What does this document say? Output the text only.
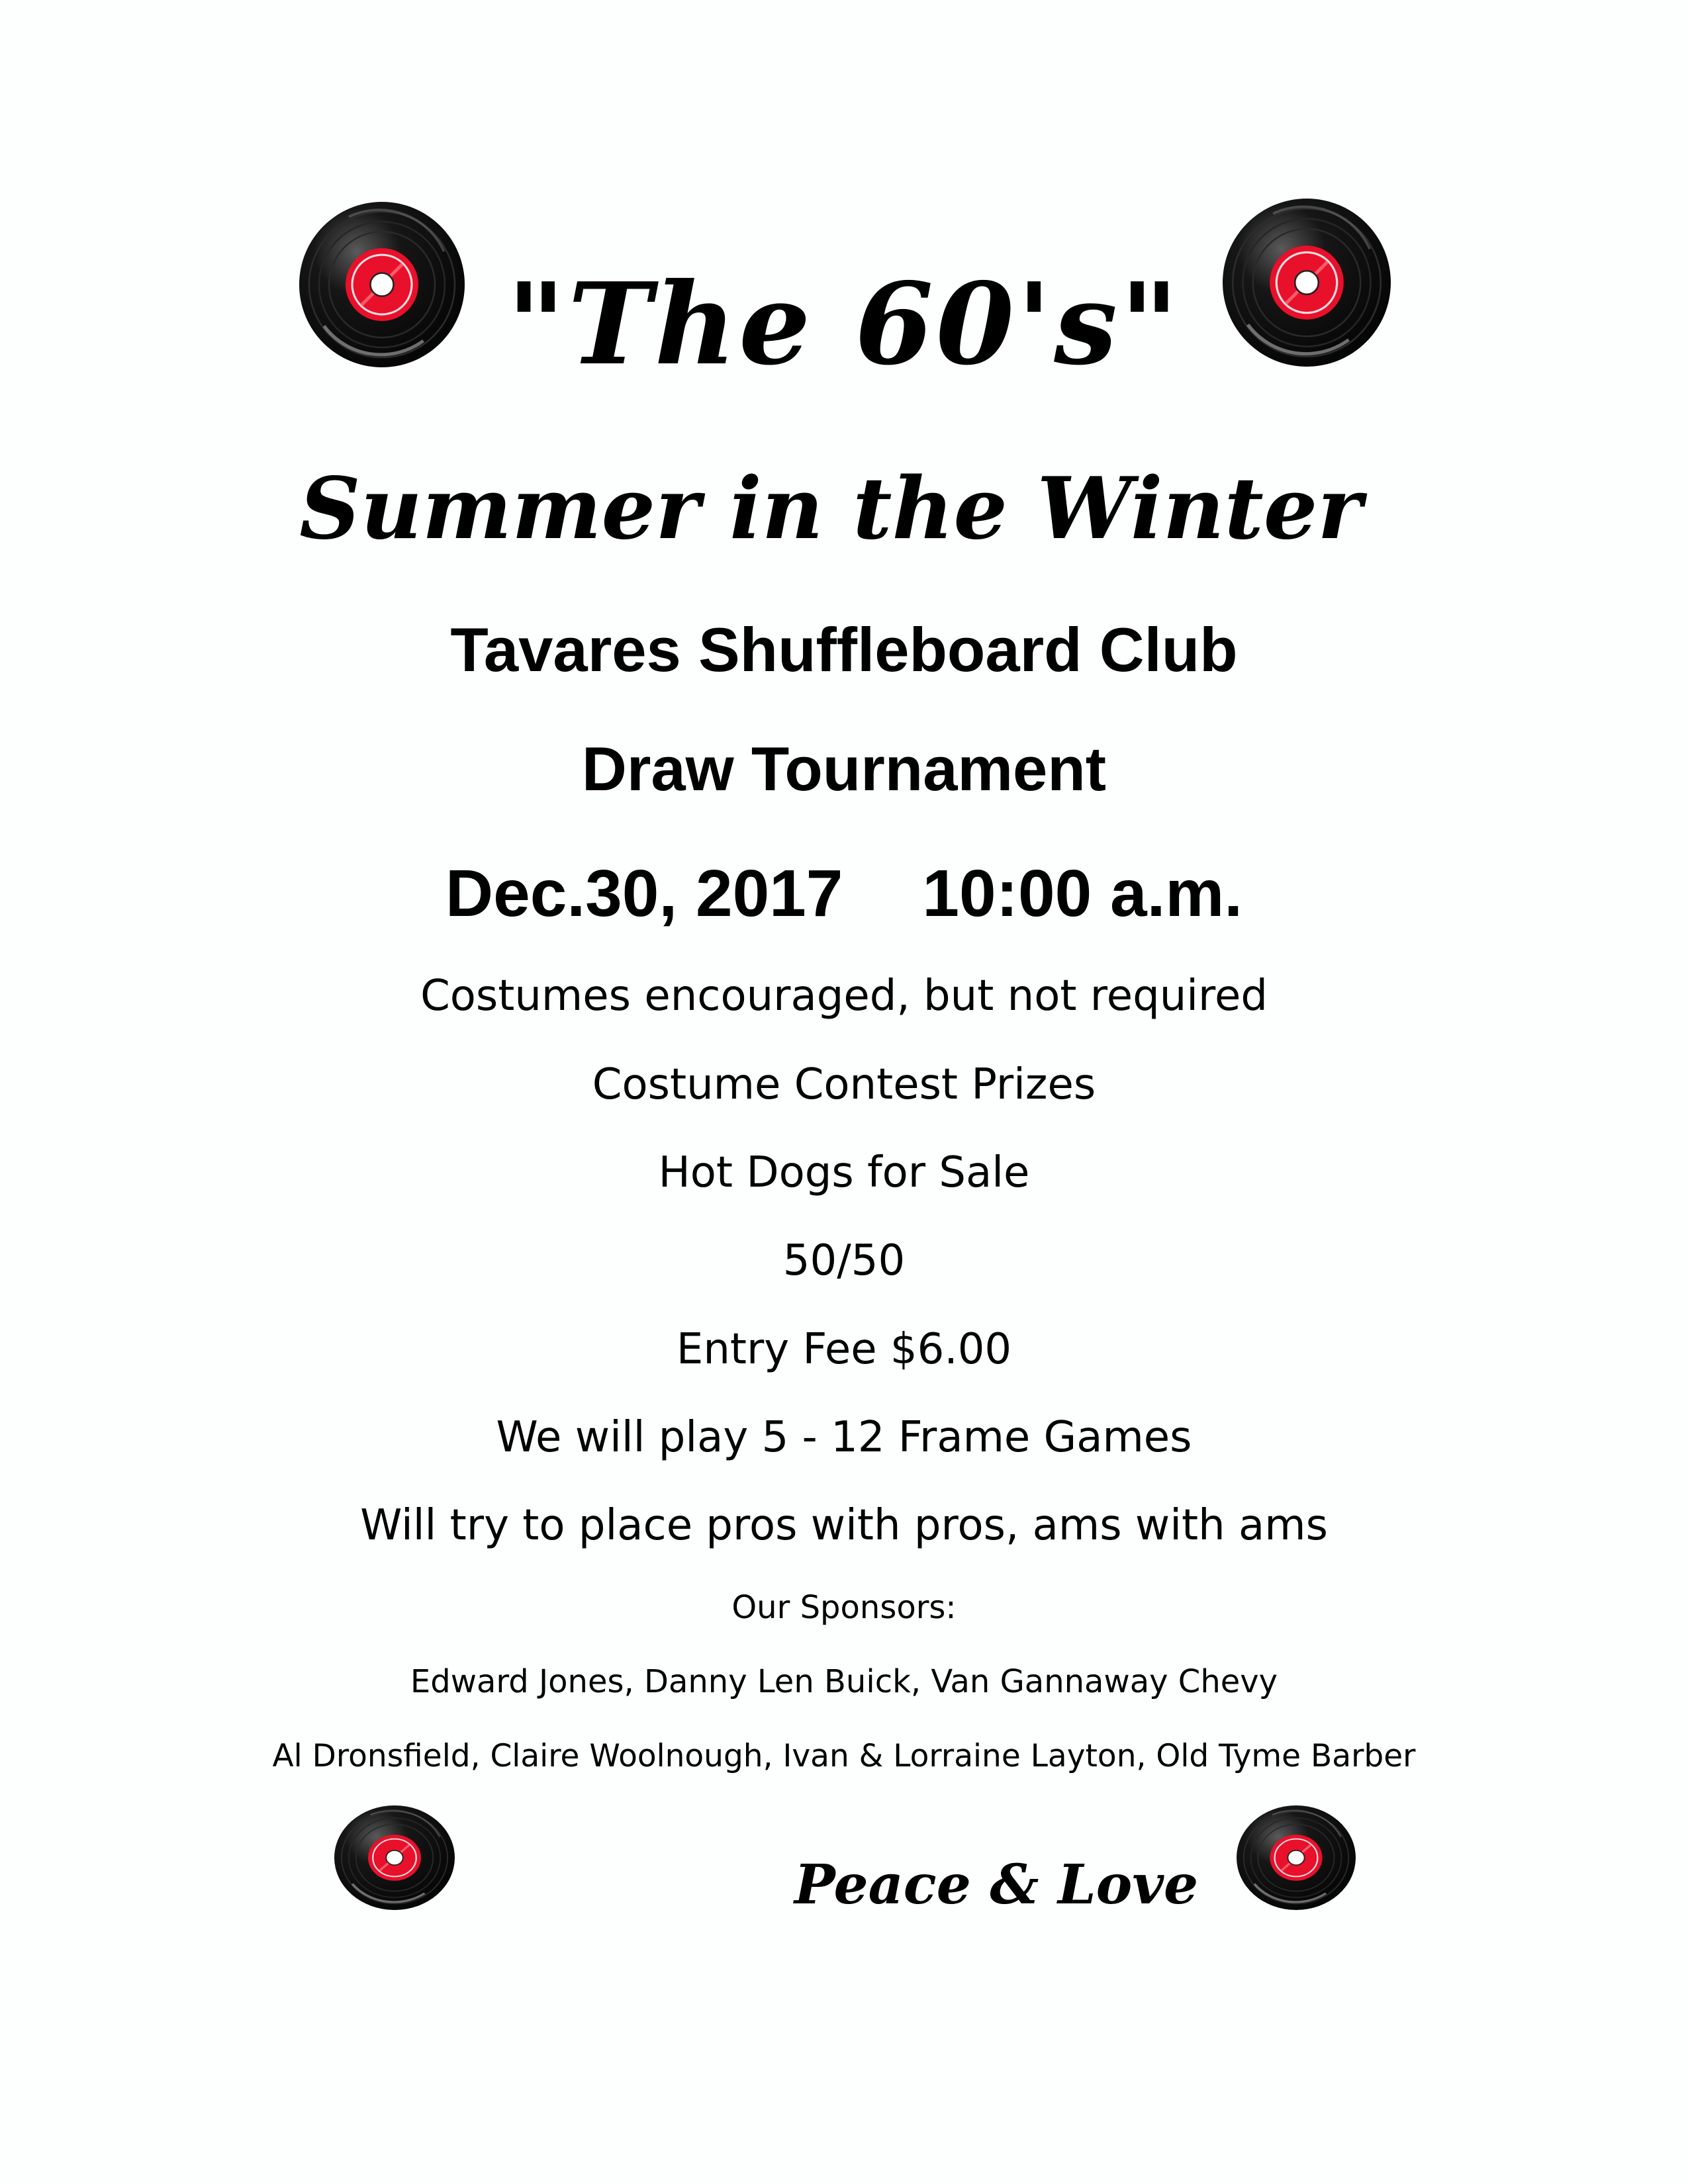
"The 60's"
Summer in the Winter
Tavares Shuffleboard Club
Draw Tournament
Dec.30, 2017 10:00 a.m.
Costumes encouraged, but not required
Costume Contest Prizes
Hot Dogs for Sale
50/50
Entry Fee $6.00
We will play 5 - 12 Frame Games
Will try to place pros with pros, ams with ams
Our Sponsors:
Edward Jones, Danny Len Buick, Van Gannaway Chevy
Al Dronsfield, Claire Woolnough, Ivan & Lorraine Layton, Old Tyme Barber
Peace & Love
